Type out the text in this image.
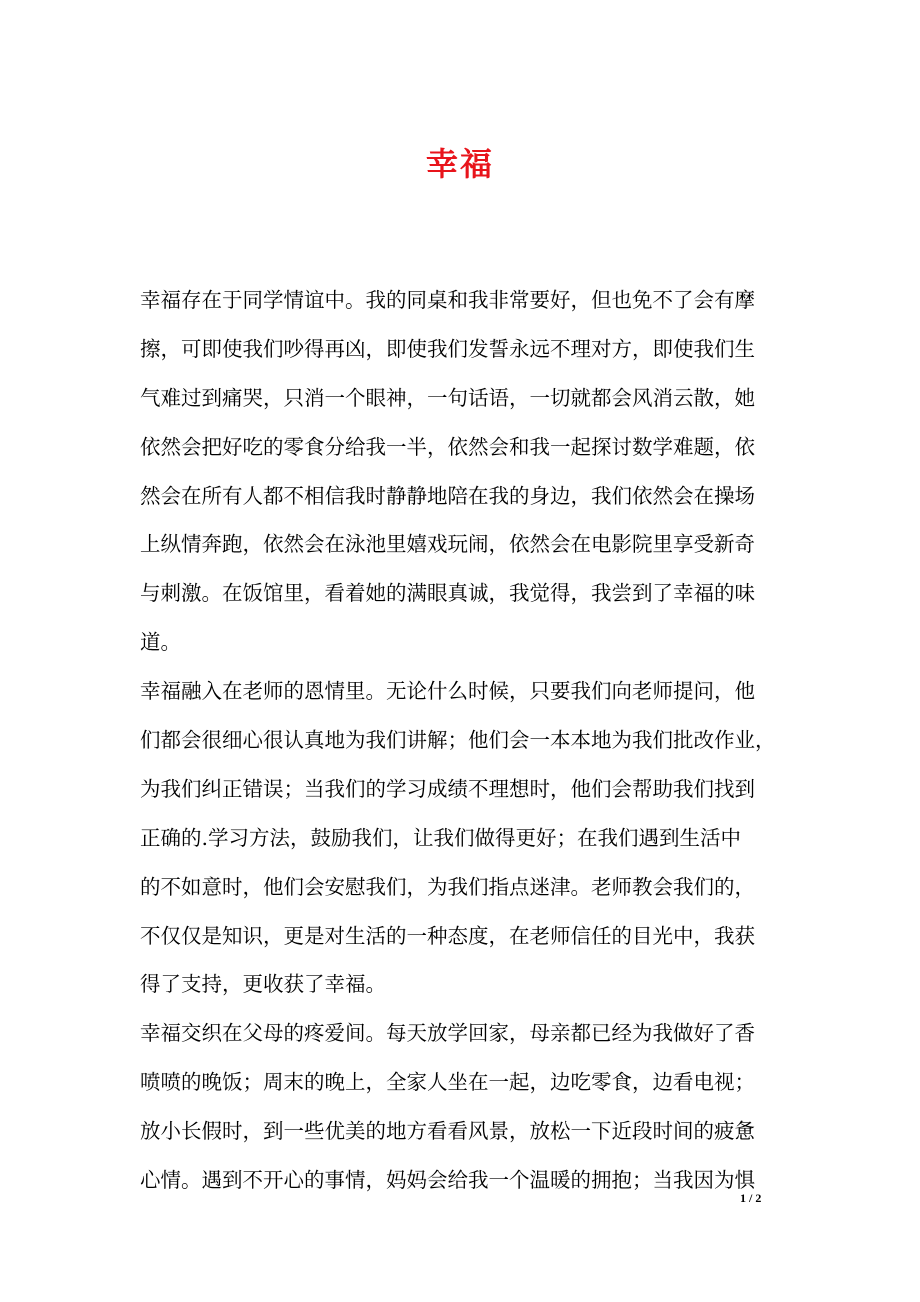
幸福
幸福存在于同学情谊中。我的同桌和我非常要好，但也免不了会有摩
擦，可即使我们吵得再凶，即使我们发誓永远不理对方，即使我们生
气难过到痛哭，只消一个眼神，一句话语，一切就都会风消云散，她
依然会把好吃的零食分给我一半，依然会和我一起探讨数学难题，依
然会在所有人都不相信我时静静地陪在我的身边，我们依然会在操场
上纵情奔跑，依然会在泳池里嬉戏玩闹，依然会在电影院里享受新奇
与刺激。在饭馆里，看着她的满眼真诚，我觉得，我尝到了幸福的味
道。
幸福融入在老师的恩情里。无论什么时候，只要我们向老师提问，他
们都会很细心很认真地为我们讲解；他们会一本本地为我们批改作业，
为我们纠正错误；当我们的学习成绩不理想时，他们会帮助我们找到
正确的.学习方法，鼓励我们，让我们做得更好；在我们遇到生活中
的不如意时，他们会安慰我们，为我们指点迷津。老师教会我们的，
不仅仅是知识，更是对生活的一种态度，在老师信任的目光中，我获
得了支持，更收获了幸福。
幸福交织在父母的疼爱间。每天放学回家，母亲都已经为我做好了香
喷喷的晚饭；周末的晚上，全家人坐在一起，边吃零食，边看电视；
放小长假时，到一些优美的地方看看风景，放松一下近段时间的疲惫
心情。遇到不开心的事情，妈妈会给我一个温暖的拥抱；当我因为惧
1 / 2
